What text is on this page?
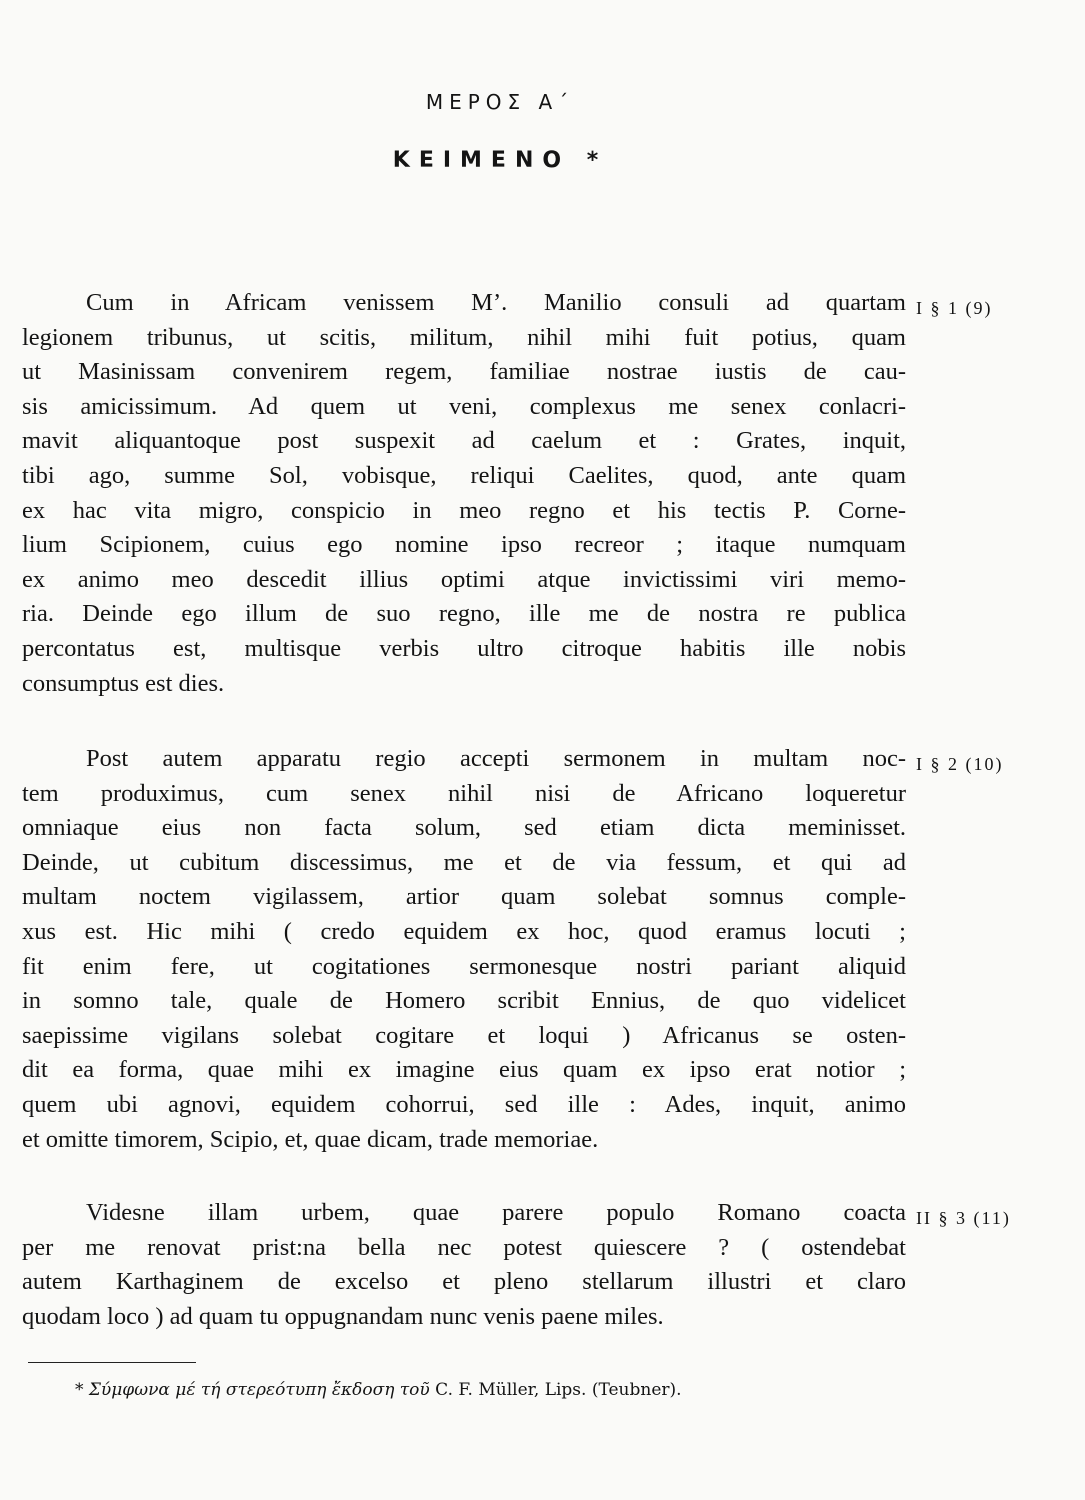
ΜΕΡΟΣ Α΄
ΚΕΙΜΕΝΟ *
Cum in Africam venissem M’. Manilio consuli ad quartam
legionem tribunus, ut scitis, militum, nihil mihi fuit potius, quam
ut Masinissam convenirem regem, familiae nostrae iustis de cau-
sis amicissimum. Ad quem ut veni, complexus me senex conlacri-
mavit aliquantoque post suspexit ad caelum et : Grates, inquit,
tibi ago, summe Sol, vobisque, reliqui Caelites, quod, ante quam
ex hac vita migro, conspicio in meo regno et his tectis P. Corne-
lium Scipionem, cuius ego nomine ipso recreor ; itaque numquam
ex animo meo descedit illius optimi atque invictissimi viri memo-
ria. Deinde ego illum de suo regno, ille me de nostra re publica
percontatus est, multisque verbis ultro citroque habitis ille nobis
consumptus est dies.
I § 1 (9)
Post autem apparatu regio accepti sermonem in multam noc-
tem produximus, cum senex nihil nisi de Africano loqueretur
omniaque eius non facta solum, sed etiam dicta meminisset.
Deinde, ut cubitum discessimus, me et de via fessum, et qui ad
multam noctem vigilassem, artior quam solebat somnus comple-
xus est. Hic mihi ( credo equidem ex hoc, quod eramus locuti ;
fit enim fere, ut cogitationes sermonesque nostri pariant aliquid
in somno tale, quale de Homero scribit Ennius, de quo videlicet
saepissime vigilans solebat cogitare et loqui ) Africanus se osten-
dit ea forma, quae mihi ex imagine eius quam ex ipso erat notior ;
quem ubi agnovi, equidem cohorrui, sed ille : Ades, inquit, animo
et omitte timorem, Scipio, et, quae dicam, trade memoriae.
I § 2 (10)
Videsne illam urbem, quae parere populo Romano coacta
per me renovat prist:na bella nec potest quiescere ? ( ostendebat
autem Karthaginem de excelso et pleno stellarum illustri et claro
quodam loco ) ad quam tu oppugnandam nunc venis paene miles.
II § 3 (11)
* Σύμφωνα μέ τή στερεότυπη ἔκδοση τοῦ C. F. Müller, Lips. (Teubner).
